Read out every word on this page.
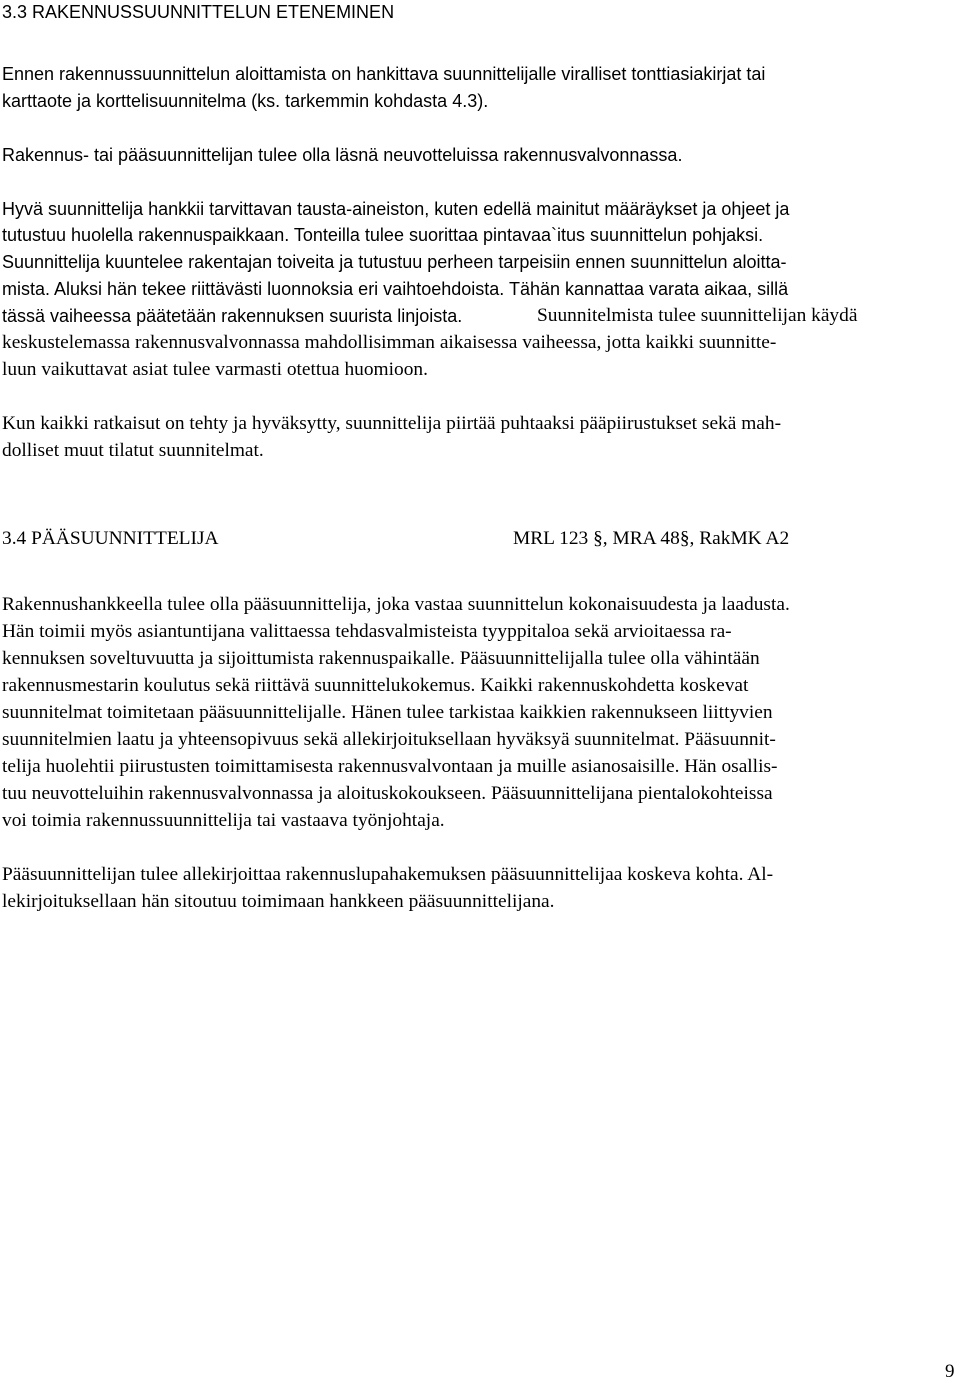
3.3 RAKENNUSSUUNNITTELUN ETENEMINEN
Ennen rakennussuunnittelun aloittamista on hankittava suunnittelijalle viralliset tonttiasiakirjat tai
karttaote ja korttelisuunnitelma (ks. tarkemmin kohdasta 4.3).
Rakennus- tai pääsuunnittelijan tulee olla läsnä neuvotteluissa rakennusvalvonnassa.
Hyvä suunnittelija hankkii tarvittavan tausta-aineiston, kuten edellä mainitut määräykset ja ohjeet ja
tutustuu huolella rakennuspaikkaan. Tonteilla tulee suorittaa pintavaa`itus suunnittelun pohjaksi.
Suunnittelija kuuntelee rakentajan toiveita ja tutustuu perheen tarpeisiin ennen suunnittelun aloitta-
mista. Aluksi hän tekee riittävästi luonnoksia eri vaihtoehdoista. Tähän kannattaa varata aikaa, sillä
tässä vaiheessa päätetään rakennuksen suurista linjoista.	Suunnitelmista tulee suunnittelijan käydä
keskustelemassa rakennusvalvonnassa mahdollisimman aikaisessa vaiheessa, jotta kaikki suunnitte-
luun vaikuttavat asiat tulee varmasti otettua huomioon.
Kun kaikki ratkaisut on tehty ja hyväksytty, suunnittelija piirtää puhtaaksi pääpiirustukset sekä mah-
dolliset muut tilatut suunnitelmat.
3.4 PÄÄSUUNNITTELIJA	MRL 123 §, MRA 48§, RakMK A2
Rakennushankkeella tulee olla pääsuunnittelija, joka vastaa suunnittelun kokonaisuudesta ja laadusta.
Hän toimii myös asiantuntijana valittaessa tehdasvalmisteista tyyppitaloa sekä arvioitaessa ra-
kennuksen soveltuvuutta ja sijoittumista rakennuspaikalle. Pääsuunnittelijalla tulee olla vähintään
rakennusmestarin koulutus sekä riittävä suunnittelukokemus. Kaikki rakennuskohdetta koskevat
suunnitelmat toimitetaan pääsuunnittelijalle. Hänen tulee tarkistaa kaikkien rakennukseen liittyvien
suunnitelmien laatu ja yhteensopivuus sekä allekirjoituksellaan hyväksyä suunnitelmat. Pääsuunnit-
telija huolehtii piirustusten toimittamisesta rakennusvalvontaan ja muille asianosaisille. Hän osallis-
tuu neuvotteluihin rakennusvalvonnassa ja aloituskokoukseen. Pääsuunnittelijana pientalokohteissa
voi toimia rakennussuunnittelija tai vastaava työnjohtaja.
Pääsuunnittelijan tulee allekirjoittaa rakennuslupahakemuksen pääsuunnittelijaa koskeva kohta. Al-
lekirjoituksellaan hän sitoutuu toimimaan hankkeen pääsuunnittelijana.
9
